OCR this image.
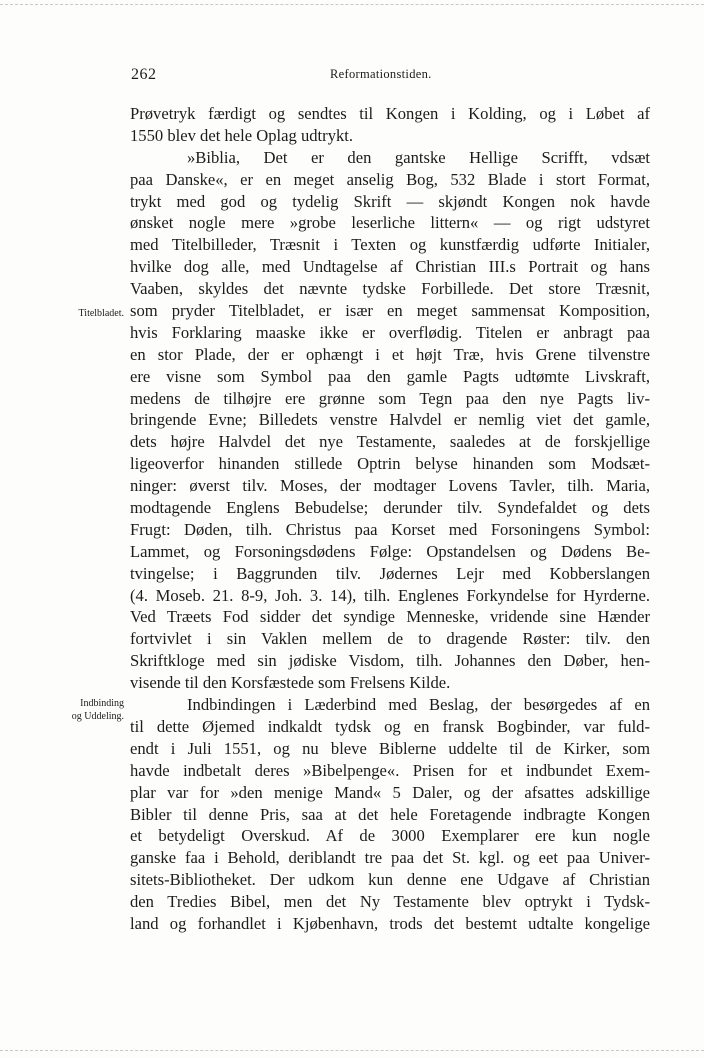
262	Reformationstiden.
Titelbladet.
Indbinding
og Uddeling.
Prøvetryk færdigt og sendtes til Kongen i Kolding, og i Løbet af
1550 blev det hele Oplag udtrykt.
»Biblia, Det er den gantske Hellige Scrifft, vdsæt
paa Danske«, er en meget anselig Bog, 532 Blade i stort Format,
trykt med god og tydelig Skrift — skjøndt Kongen nok havde
ønsket nogle mere »grobe leserliche littern« — og rigt udstyret
med Titelbilleder, Træsnit i Texten og kunstfærdig udførte Initialer,
hvilke dog alle, med Undtagelse af Christian III.s Portrait og hans
Vaaben, skyldes det nævnte tydske Forbillede. Det store Træsnit,
som pryder Titelbladet, er især en meget sammensat Komposition,
hvis Forklaring maaske ikke er overflødig. Titelen er anbragt paa
en stor Plade, der er ophængt i et højt Træ, hvis Grene tilvenstre
ere visne som Symbol paa den gamle Pagts udtømte Livskraft,
medens de tilhøjre ere grønne som Tegn paa den nye Pagts liv-
bringende Evne; Billedets venstre Halvdel er nemlig viet det gamle,
dets højre Halvdel det nye Testamente, saaledes at de forskjellige
ligeoverfor hinanden stillede Optrin belyse hinanden som Modsæt-
ninger: øverst tilv. Moses, der modtager Lovens Tavler, tilh. Maria,
modtagende Englens Bebudelse; derunder tilv. Syndefaldet og dets
Frugt: Døden, tilh. Christus paa Korset med Forsoningens Symbol:
Lammet, og Forsoningsdødens Følge: Opstandelsen og Dødens Be-
tvingelse; i Baggrunden tilv. Jødernes Lejr med Kobberslangen
(4. Moseb. 21. 8-9, Joh. 3. 14), tilh. Englenes Forkyndelse for Hyrderne.
Ved Træets Fod sidder det syndige Menneske, vridende sine Hænder
fortvivlet i sin Vaklen mellem de to dragende Røster: tilv. den
Skriftkloge med sin jødiske Visdom, tilh. Johannes den Døber, hen-
visende til den Korsfæstede som Frelsens Kilde.
Indbindingen i Læderbind med Beslag, der besørgedes af en
til dette Øjemed indkaldt tydsk og en fransk Bogbinder, var fuld-
endt i Juli 1551, og nu bleve Biblerne uddelte til de Kirker, som
havde indbetalt deres »Bibelpenge«. Prisen for et indbundet Exem-
plar var for »den menige Mand« 5 Daler, og der afsattes adskillige
Bibler til denne Pris, saa at det hele Foretagende indbragte Kongen
et betydeligt Overskud. Af de 3000 Exemplarer ere kun nogle
ganske faa i Behold, deriblandt tre paa det St. kgl. og eet paa Univer-
sitets-Bibliotheket. Der udkom kun denne ene Udgave af Christian
den Tredies Bibel, men det Ny Testamente blev optrykt i Tydsk-
land og forhandlet i Kjøbenhavn, trods det bestemt udtalte kongelige
